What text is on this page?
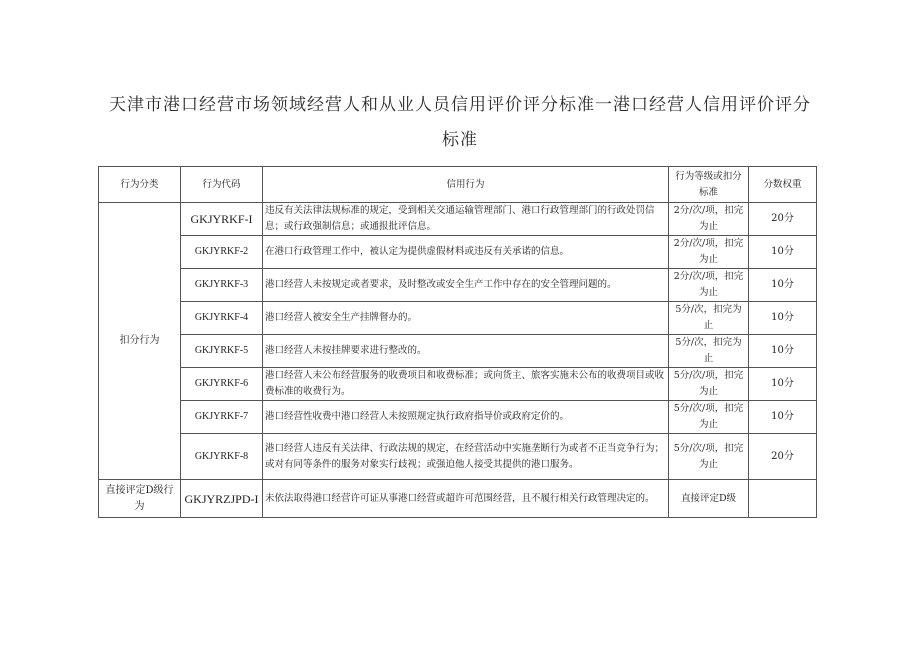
天津市港口经营市场领域经营人和从业人员信用评价评分标准一港口经营人信用评价评分
标准
行为分类	行为代码	信用行为	行为等级或扣分标准	分数权重
扣分行为	GKJYRKF-I	违反有关法律法规标准的规定，受到相关交通运输管理部门、港口行政管理部门的行政处罚信息；或行政强制信息；或通报批评信息。	2分/次/项，扣完为止	20分
	GKJYRKF-2	在港口行政管理工作中，被认定为提供虚假材料或违反有关承诺的信息。	2分/次/项，扣完为止	10分
	GKJYRKF-3	港口经营人未按规定或者要求，及时整改或安全生产工作中存在的安全管理问题的。	2分/次/项，扣完为止	10分
	GKJYRKF-4	港口经营人被安全生产挂牌督办的。	5分/次，扣完为止	10分
	GKJYRKF-5	港口经营人未按挂牌要求进行整改的。	5分/次，扣完为止	10分
	GKJYRKF-6	港口经营人未公布经营服务的收费项目和收费标准；或向货主、旅客实施未公布的收费项目或收费标准的收费行为。	5分/次/项，扣完为止	10分
	GKJYRKF-7	港口经营性收费中港口经营人未按照规定执行政府指导价或政府定价的。	5分/次/项，扣完为止	10分
	GKJYRKF-8	港口经营人违反有关法律、行政法规的规定，在经营活动中实施垄断行为或者不正当竞争行为；或对有同等条件的服务对象实行歧视；或强迫他人接受其提供的港口服务。	5分/次/项，扣完为止	20分
直接评定D级行为	GKJYRZJPD-I	未依法取得港口经营许可证从事港口经营或超许可范围经营，且不履行相关行政管理决定的。	直接评定D级	
